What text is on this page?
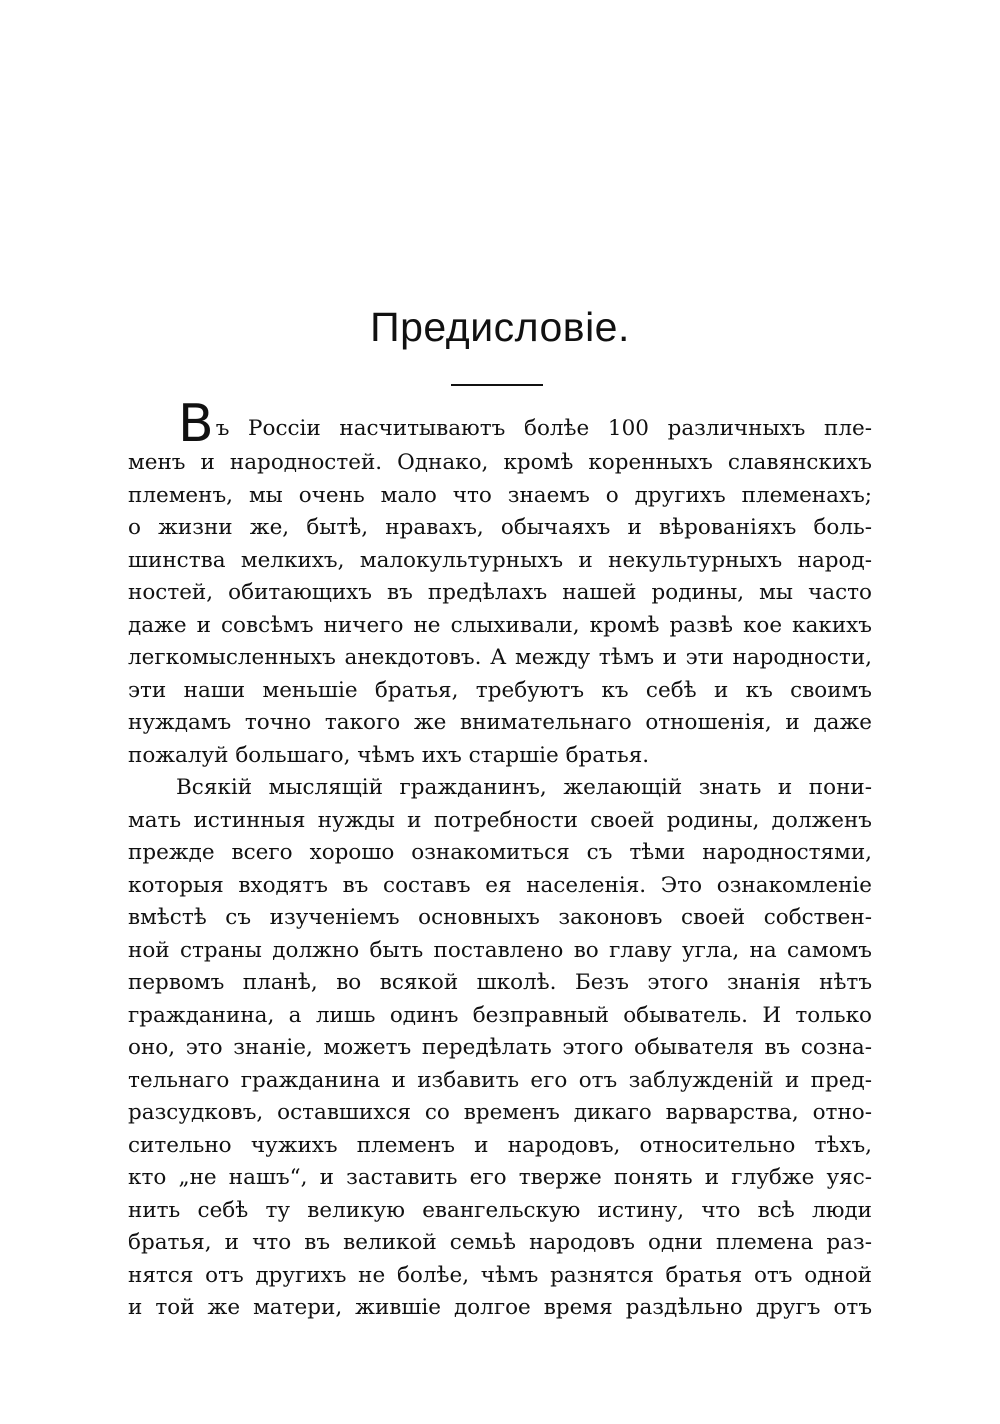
Предисловіе.
Въ Россіи насчитываютъ болѣе 100 различныхъ пле-
менъ и народностей. Однако, кромѣ коренныхъ славянскихъ
племенъ, мы очень мало что знаемъ о другихъ племенахъ;
о жизни же, бытѣ, нравахъ, обычаяхъ и вѣрованіяхъ боль-
шинства мелкихъ, малокультурныхъ и некультурныхъ народ-
ностей, обитающихъ въ предѣлахъ нашей родины, мы часто
даже и совсѣмъ ничего не слыхивали, кромѣ развѣ кое какихъ
легкомысленныхъ анекдотовъ. А между тѣмъ и эти народности,
эти наши меньшіе братья, требуютъ къ себѣ и къ своимъ
нуждамъ точно такого же внимательнаго отношенія, и даже
пожалуй большаго, чѣмъ ихъ старшіе братья.
Всякій мыслящій гражданинъ, желающій знать и пони-
мать истинныя нужды и потребности своей родины, долженъ
прежде всего хорошо ознакомиться съ тѣми народностями,
которыя входятъ въ составъ ея населенія. Это ознакомленіе
вмѣстѣ съ изученіемъ основныхъ законовъ своей собствен-
ной страны должно быть поставлено во главу угла, на самомъ
первомъ планѣ, во всякой школѣ. Безъ этого знанія нѣтъ
гражданина, а лишь одинъ безправный обыватель. И только
оно, это знаніе, можетъ передѣлать этого обывателя въ созна-
тельнаго гражданина и избавить его отъ заблужденій и пред-
разсудковъ, оставшихся со временъ дикаго варварства, отно-
сительно чужихъ племенъ и народовъ, относительно тѣхъ,
кто „не нашъ“, и заставить его тверже понять и глубже уяс-
нить себѣ ту великую евангельскую истину, что всѣ люди
братья, и что въ великой семьѣ народовъ одни племена раз-
нятся отъ другихъ не болѣе, чѣмъ разнятся братья отъ одной
и той же матери, жившіе долгое время раздѣльно другъ отъ
